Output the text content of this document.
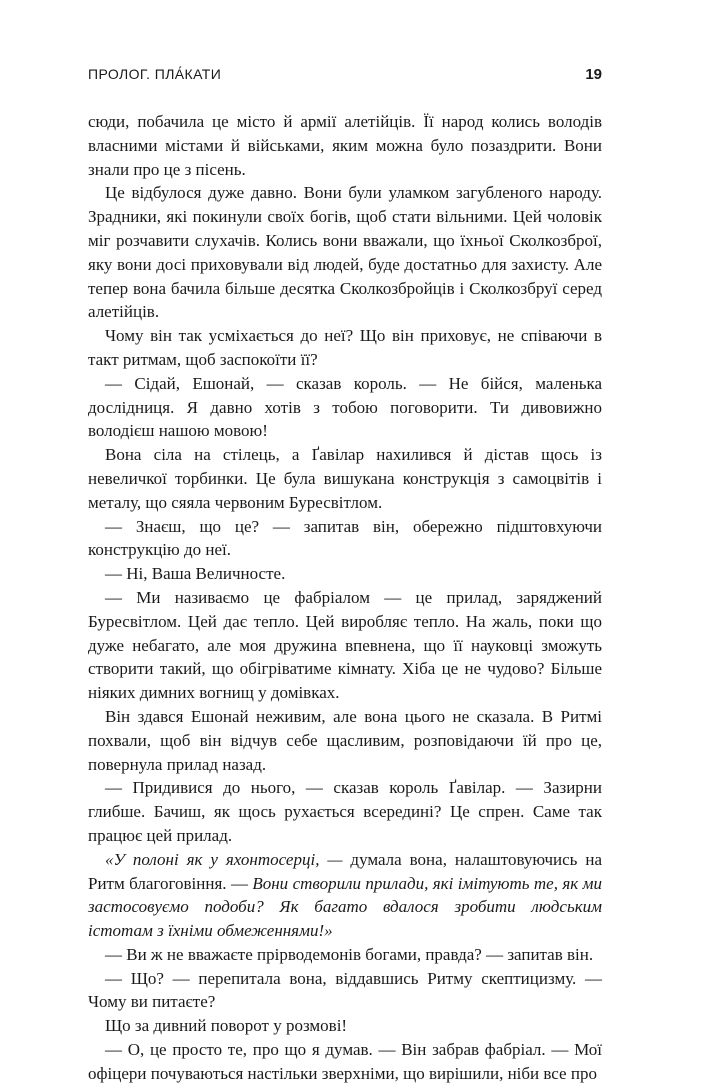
ПРОЛОГ. ПЛА́КАТИ	19

сюди, побачила це місто й армії алетійців. Її народ колись володів власними містами й військами, яким можна було позаздрити. Вони знали про це з пісень.

Це відбулося дуже давно. Вони були уламком загубленого народу. Зрадники, які покинули своїх богів, щоб стати вільними. Цей чоловік міг розчавити слухачів. Колись вони вважали, що їхньої Сколкозброї, яку вони досі приховували від людей, буде достатньо для захисту. Але тепер вона бачила більше десятка Сколкозбройців і Сколкозбруї серед алетійців.

Чому він так усміхається до неї? Що він приховує, не співаючи в такт ритмам, щоб заспокоїти її?

— Сідай, Ешонай, — сказав король. — Не бійся, маленька дослідниця. Я давно хотів з тобою поговорити. Ти дивовижно володієш нашою мовою!

Вона сіла на стілець, а Ґавілар нахилився й дістав щось із невеличкої торбинки. Це була вишукана конструкція з самоцвітів і металу, що сяяла червоним Буресвітлом.

— Знаєш, що це? — запитав він, обережно підштовхуючи конструкцію до неї.

— Ні, Ваша Величносте.

— Ми називаємо це фабріалом — це прилад, заряджений Буресвітлом. Цей дає тепло. Цей виробляє тепло. На жаль, поки що дуже небагато, але моя дружина впевнена, що її науковці зможуть створити такий, що обігріватиме кімнату. Хіба це не чудово? Більше ніяких димних вогнищ у домівках.

Він здався Ешонай неживим, але вона цього не сказала. В Ритмі похвали, щоб він відчув себе щасливим, розповідаючи їй про це, повернула прилад назад.

— Придивися до нього, — сказав король Ґавілар. — Зазирни глибше. Бачиш, як щось рухається всередині? Це спрен. Саме так працює цей прилад.

«У полоні як у яхонтосерці, — думала вона, налаштовуючись на Ритм благоговіння. — Вони створили прилади, які імітують те, як ми застосовуємо подоби? Як багато вдалося зробити людським істотам з їхніми обмеженнями!»

— Ви ж не вважаєте прірводемонів богами, правда? — запитав він.

— Що? — перепитала вона, віддавшись Ритму скептицизму. — Чому ви питаєте?

Що за дивний поворот у розмові!

— О, це просто те, про що я думав. — Він забрав фабріал. — Мої офіцери почуваються настільки зверхніми, що вирішили, ніби все про
